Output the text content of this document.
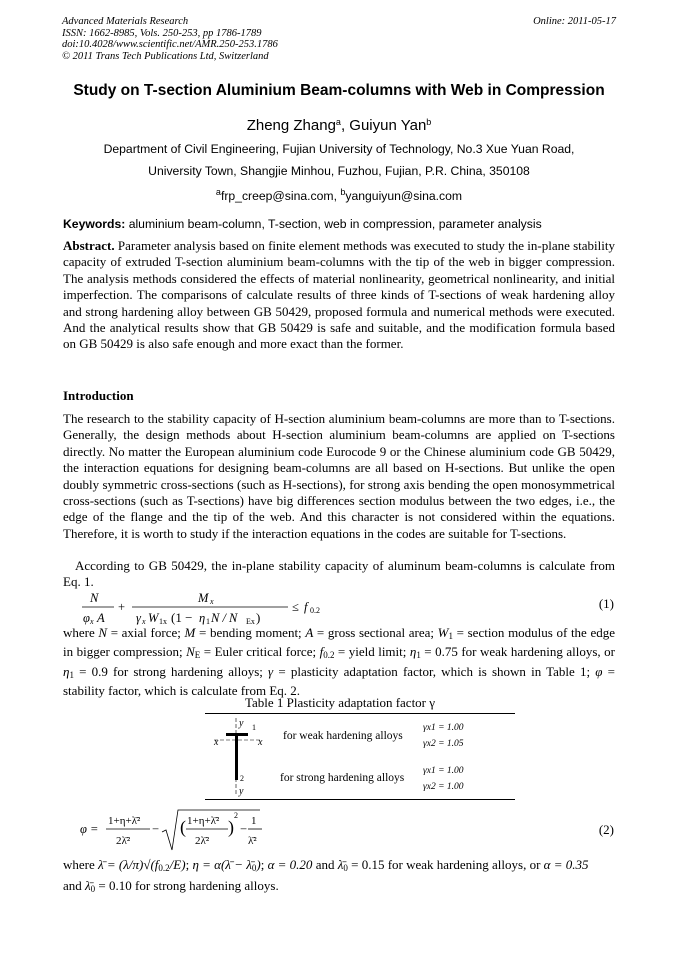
Advanced Materials Research
ISSN: 1662-8985, Vols. 250-253, pp 1786-1789
doi:10.4028/www.scientific.net/AMR.250-253.1786
© 2011 Trans Tech Publications Ltd, Switzerland
Online: 2011-05-17
Study on T-section Aluminium Beam-columns with Web in Compression
Zheng Zhang$^a$, Guiyun Yan$^b$
Department of Civil Engineering, Fujian University of Technology, No.3 Xue Yuan Road,
University Town, Shangjie Minhou, Fuzhou, Fujian, P.R. China, 350108
$^a$frp_creep@sina.com, $^b$yanguiyun@sina.com
Keywords: aluminium beam-column, T-section, web in compression, parameter analysis
Abstract. Parameter analysis based on finite element methods was executed to study the in-plane stability capacity of extruded T-section aluminium beam-columns with the tip of the web in bigger compression. The analysis methods considered the effects of material nonlinearity, geometrical nonlinearity, and initial imperfection. The comparisons of calculate results of three kinds of T-sections of weak hardening alloy and strong hardening alloy between GB 50429, proposed formula and numerical methods were executed. And the analytical results show that GB 50429 is safe and suitable, and the modification formula based on GB 50429 is also safe enough and more exact than the former.
Introduction
The research to the stability capacity of H-section aluminium beam-columns are more than to T-sections. Generally, the design methods about H-section aluminium beam-columns are applied on T-sections directly. No matter the European aluminium code Eurocode 9 or the Chinese aluminium code GB 50429, the interaction equations for designing beam-columns are all based on H-sections. But unlike the open doubly symmetric cross-sections (such as H-sections), for strong axis bending the open monosymmetrical cross-sections (such as T-sections) have big differences section modulus between the two edges, i.e., the edge of the flange and the tip of the web. And this character is not considered within the equations. Therefore, it is worth to study if the interaction equations in the codes are suitable for T-sections.
According to GB 50429, the in-plane stability capacity of aluminum beam-columns is calculate from Eq. 1.
N
φ x A
+
M x
γ x W 1x (1 − η 1 N / N Ex )
≤ f 0.2	(1)
where N = axial force; M = bending moment; A = gross sectional area; $W_1$ = section modulus of the edge in bigger compression; $N_E$ = Euler critical force; $f_{0.2}$ = yield limit; $\eta_1 = 0.75$ for weak hardening alloys, or $\eta_1 = 0.9$ for strong hardening alloys; γ = plasticity adaptation factor, which is shown in Table 1; φ = stability factor, which is calculate from Eq. 2.
Table 1 Plasticity adaptation factor γ
y 1
x	x
2
y
for weak hardening alloys
for strong hardening alloys
γx1 = 1.00
γx2 = 1.05
γx1 = 1.00
γx2 = 1.00
φ =
1+η+λ̄²
2λ̄²
− ( 1+η+λ̄²
2λ̄²
)
2
−
1
λ̄²
(2)
where λ̄ = $(\lambda/\pi)√(f_{0.2}/E)$; η = α(λ̄ − $\lambdā_0$); α = 0.20 and $\lambdā_0 = 0.15$ for weak hardening alloys, or α = 0.35
and $\lambdā_0 = 0.10$ for strong hardening alloys.
